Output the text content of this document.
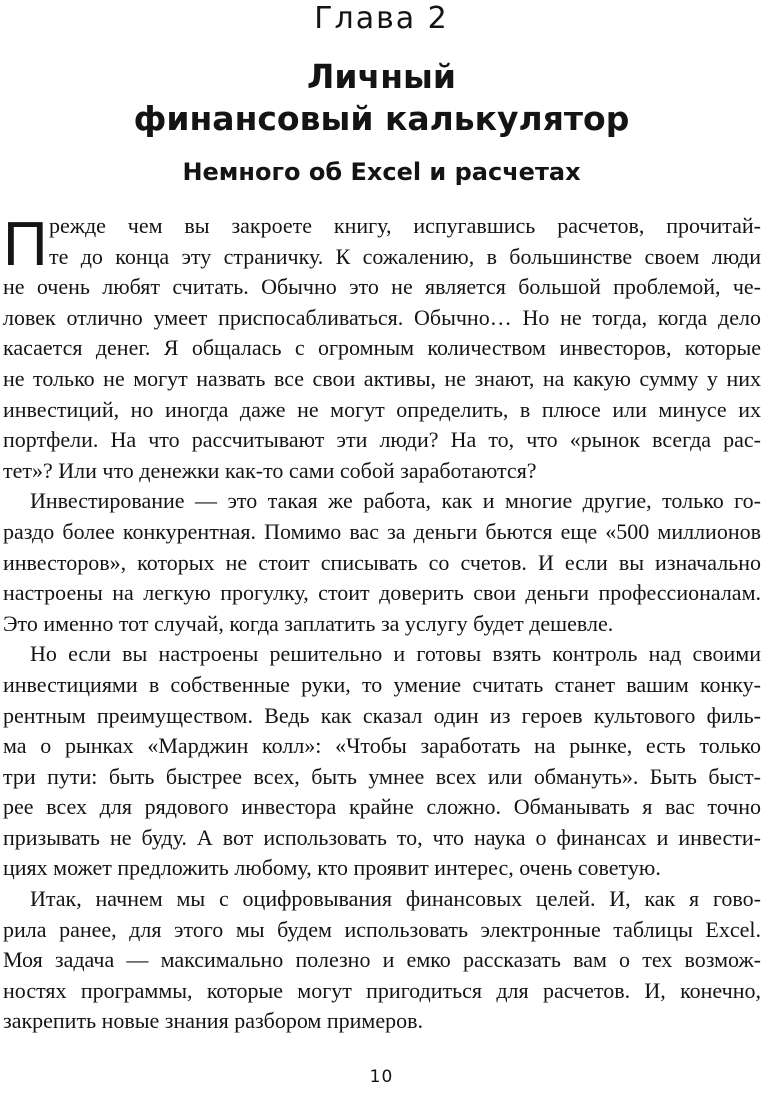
Глава 2
Личный
финансовый калькулятор
Немного об Excel и расчетах
П режде чем вы закроете книгу, испугавшись расчетов, прочитай-
те до конца эту страничку. К сожалению, в большинстве своем люди
не очень любят считать. Обычно это не является большой проблемой, че-
ловек отлично умеет приспосабливаться. Обычно… Но не тогда, когда дело
касается денег. Я общалась с огромным количеством инвесторов, которые
не только не могут назвать все свои активы, не знают, на какую сумму у них
инвестиций, но иногда даже не могут определить, в плюсе или минусе их
портфели. На что рассчитывают эти люди? На то, что «рынок всегда рас-
тет»? Или что денежки как-то сами собой заработаются?
Инвестирование — это такая же работа, как и многие другие, только го-
раздо более конкурентная. Помимо вас за деньги бьются еще «500 миллионов
инвесторов», которых не стоит списывать со счетов. И если вы изначально
настроены на легкую прогулку, стоит доверить свои деньги профессионалам.
Это именно тот случай, когда заплатить за услугу будет дешевле.
Но если вы настроены решительно и готовы взять контроль над своими
инвестициями в собственные руки, то умение считать станет вашим конку-
рентным преимуществом. Ведь как сказал один из героев культового филь-
ма о рынках «Марджин колл»: «Чтобы заработать на рынке, есть только
три пути: быть быстрее всех, быть умнее всех или обмануть». Быть быст-
рее всех для рядового инвестора крайне сложно. Обманывать я вас точно
призывать не буду. А вот использовать то, что наука о финансах и инвести-
циях может предложить любому, кто проявит интерес, очень советую.
Итак, начнем мы с оцифровывания финансовых целей. И, как я гово-
рила ранее, для этого мы будем использовать электронные таблицы Excel.
Моя задача — максимально полезно и емко рассказать вам о тех возмож-
ностях программы, которые могут пригодиться для расчетов. И, конечно,
закрепить новые знания разбором примеров.
10
